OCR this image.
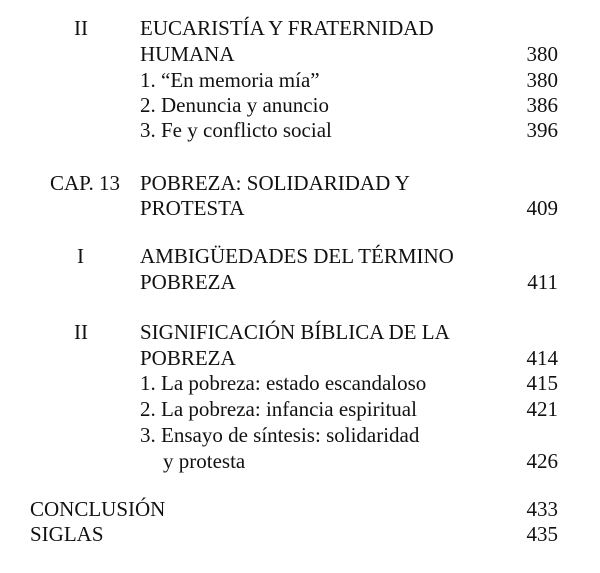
II EUCARISTÍA Y FRATERNIDAD
HUMANA	380
1. “En memoria mía”	380
2. Denuncia y anuncio	386
3. Fe y conflicto social	396
CAP. 13 POBREZA: SOLIDARIDAD Y
PROTESTA	409
I	AMBIGÜEDADES DEL TÉRMINO
POBREZA	411
II SIGNIFICACIÓN BÍBLICA DE LA
POBREZA	414
1. La pobreza: estado escandaloso	415
2. La pobreza: infancia espiritual	421
3. Ensayo de síntesis: solidaridad
y protesta	426
CONCLUSIÓN	433
SIGLAS	435
